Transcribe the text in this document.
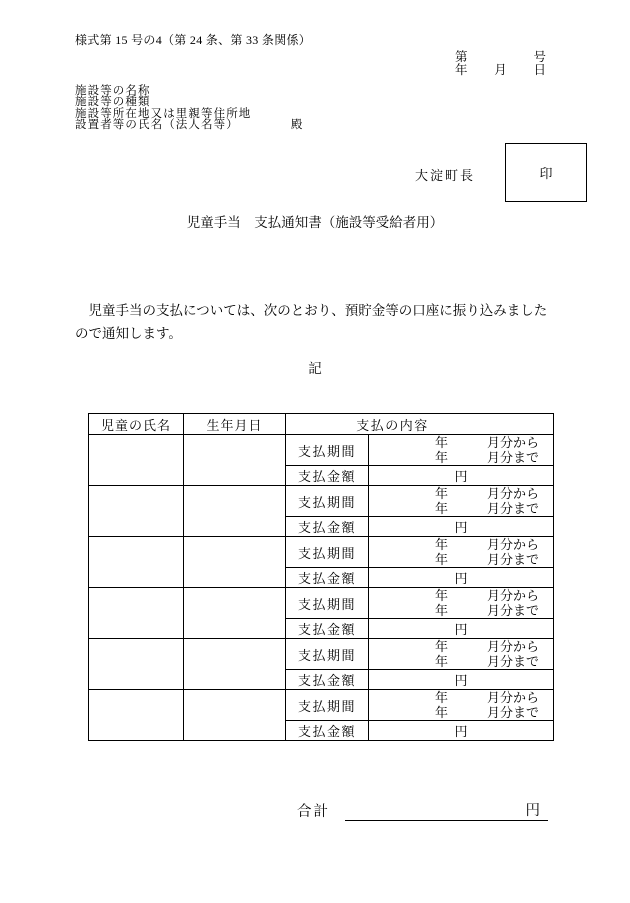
様式第 15 号の4（第 24 条、第 33 条関係）
第	号
年 月 日
施設等の名称
施設等の種類
施設等所在地又は里親等住所地
設置者等の氏名（法人名等）	殿
大淀町長	印
児童手当　支払通知書（施設等受給者用）
　児童手当の支払については、次のとおり、預貯金等の口座に振り込みました
ので通知します。
記
児童の氏名	生年月日	支払の内容	
		支払期間	年　　　月分から
年　　　月分まで

		支払金額	円
		支払期間	年　　　月分から
年　　　月分まで

		支払金額	円
		支払期間	年　　　月分から
年　　　月分まで

		支払金額	円
		支払期間	年　　　月分から
年　　　月分まで

		支払金額	円
		支払期間	年　　　月分から
年　　　月分まで

		支払金額	円
		支払期間	年　　　月分から
年　　　月分まで

		支払金額	円
合計	円
